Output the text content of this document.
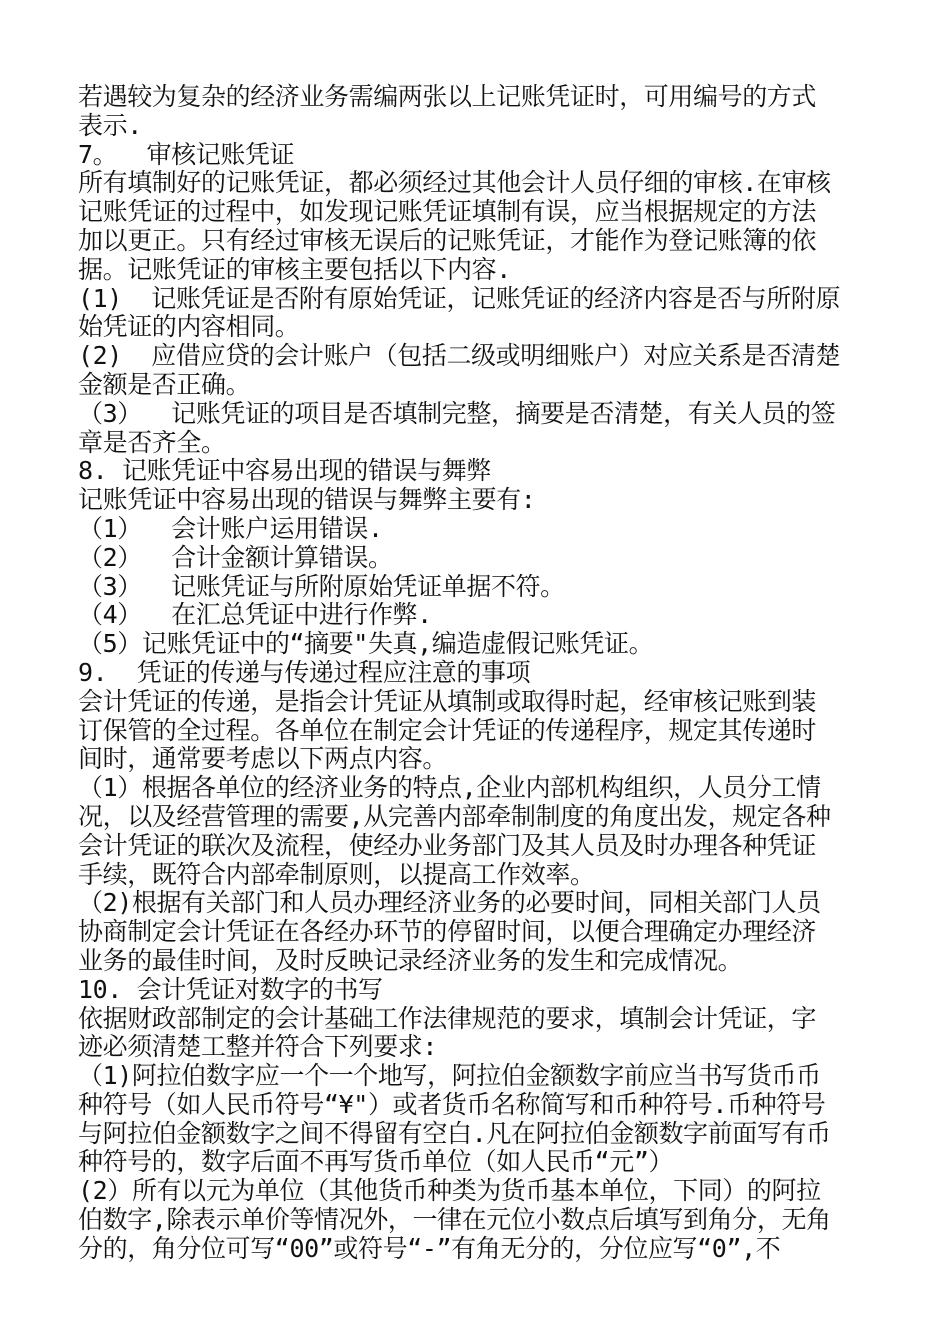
若遇较为复杂的经济业务需编两张以上记账凭证时，可用编号的方式
表示.
7。  审核记账凭证
所有填制好的记账凭证，都必须经过其他会计人员仔细的审核.在审核
记账凭证的过程中，如发现记账凭证填制有误，应当根据规定的方法
加以更正。只有经过审核无误后的记账凭证，才能作为登记账簿的依
据。记账凭证的审核主要包括以下内容.
(1)  记账凭证是否附有原始凭证，记账凭证的经济内容是否与所附原
始凭证的内容相同。
(2)  应借应贷的会计账户（包括二级或明细账户）对应关系是否清楚
金额是否正确。
（3）  记账凭证的项目是否填制完整，摘要是否清楚，有关人员的签
章是否齐全。
8. 记账凭证中容易出现的错误与舞弊
记账凭证中容易出现的错误与舞弊主要有:
（1）  会计账户运用错误.
（2）  合计金额计算错误。
（3）  记账凭证与所附原始凭证单据不符。
（4）  在汇总凭证中进行作弊.
（5）记账凭证中的“摘要"失真,编造虚假记账凭证。
9.  凭证的传递与传递过程应注意的事项
会计凭证的传递，是指会计凭证从填制或取得时起，经审核记账到装
订保管的全过程。各单位在制定会计凭证的传递程序，规定其传递时
间时，通常要考虑以下两点内容。
（1）根据各单位的经济业务的特点,企业内部机构组织，人员分工情
况，以及经营管理的需要,从完善内部牵制制度的角度出发，规定各种
会计凭证的联次及流程，使经办业务部门及其人员及时办理各种凭证
手续，既符合内部牵制原则，以提高工作效率。
（2)根据有关部门和人员办理经济业务的必要时间，同相关部门人员
协商制定会计凭证在各经办环节的停留时间，以便合理确定办理经济
业务的最佳时间，及时反映记录经济业务的发生和完成情况。
10. 会计凭证对数字的书写
依据财政部制定的会计基础工作法律规范的要求，填制会计凭证，字
迹必须清楚工整并符合下列要求:
（1)阿拉伯数字应一个一个地写，阿拉伯金额数字前应当书写货币币
种符号（如人民币符号“¥"）或者货币名称简写和币种符号.币种符号
与阿拉伯金额数字之间不得留有空白.凡在阿拉伯金额数字前面写有币
种符号的，数字后面不再写货币单位（如人民币“元”）
(2）所有以元为单位（其他货币种类为货币基本单位，下同）的阿拉
伯数字,除表示单价等情况外，一律在元位小数点后填写到角分，无角
分的，角分位可写“00”或符号“-”有角无分的，分位应写“0”,不
